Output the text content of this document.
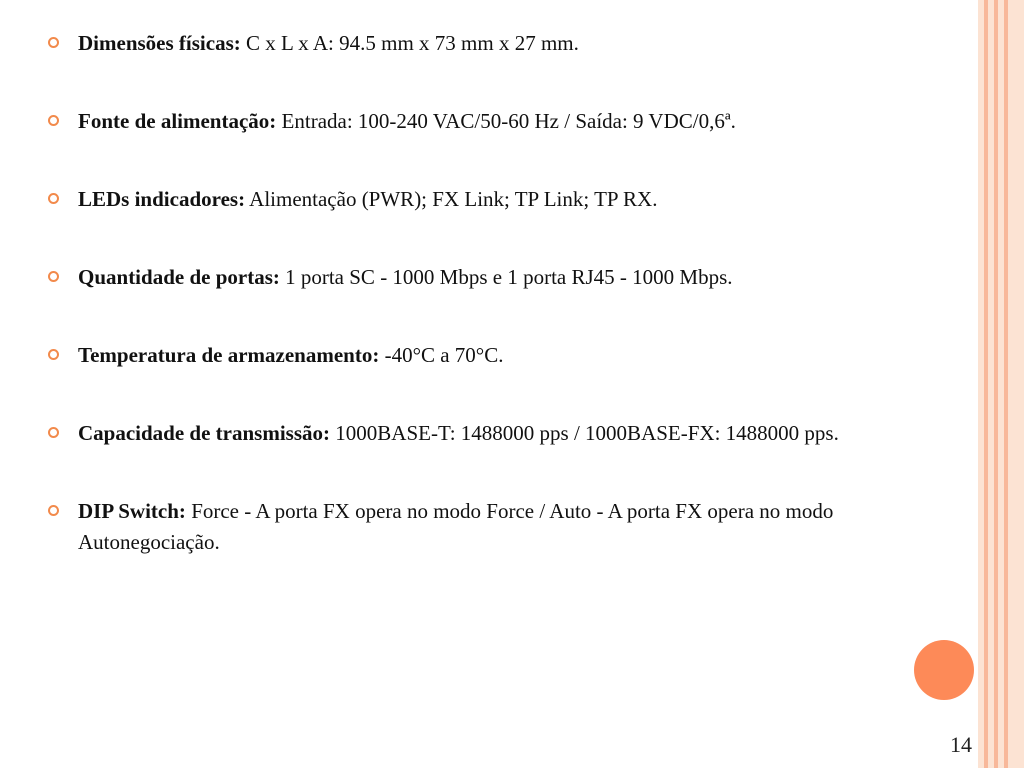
Dimensões físicas: C x L x A: 94.5 mm x 73 mm x 27 mm.
Fonte de alimentação: Entrada: 100-240 VAC/50-60 Hz / Saída: 9 VDC/0,6ª.
LEDs indicadores: Alimentação (PWR); FX Link; TP Link; TP RX.
Quantidade de portas: 1 porta SC - 1000 Mbps e 1 porta RJ45 - 1000 Mbps.
Temperatura de armazenamento: -40°C a 70°C.
Capacidade de transmissão: 1000BASE-T: 1488000 pps / 1000BASE-FX: 1488000 pps.
DIP Switch: Force - A porta FX opera no modo Force / Auto - A porta FX opera no modo Autonegociação.
14
